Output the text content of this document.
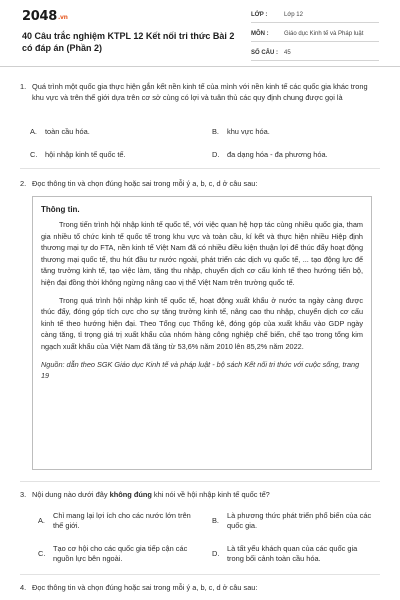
2048.vn
40 Câu trắc nghiệm KTPL 12 Kết nối tri thức Bài 2 có đáp án (Phần 2)
LỚP :	Lớp 12
MÔN :	Giáo dục Kinh tế và Pháp luật
SỐ CÂU :	45
1. Quá trình một quốc gia thực hiện gắn kết nền kinh tế của mình với nền kinh tế các quốc gia khác trong khu vực và trên thế giới dựa trên cơ sở cùng có lợi và tuân thủ các quy định chung được gọi là
A. toàn cầu hóa.	B. khu vực hóa.
C. hội nhập kinh tế quốc tế.	D. đa dạng hóa - đa phương hóa.
2. Đọc thông tin và chọn đúng hoặc sai trong mỗi ý a, b, c, d ở câu sau:
Thông tin.

Trong tiến trình hội nhập kinh tế quốc tế, với việc quan hệ hợp tác cùng nhiều quốc gia, tham gia nhiều tổ chức kinh tế quốc tế trong khu vực và toàn cầu, kí kết và thực hiện nhiều Hiệp định thương mại tự do FTA, nền kinh tế Việt Nam đã có nhiều điều kiện thuận lợi để thúc đẩy hoạt động thương mại quốc tế, thu hút đầu tư nước ngoài, phát triển các dịch vụ quốc tế, ... tạo động lực để tăng trưởng kinh tế, tạo việc làm, tăng thu nhập, chuyển dịch cơ cấu kinh tế theo hướng tiến bộ, hiện đại đồng thời không ngừng nâng cao vị thế Việt Nam trên trường quốc tế.

Trong quá trình hội nhập kinh tế quốc tế, hoạt động xuất khẩu ở nước ta ngày càng được thúc đẩy, đóng góp tích cực cho sự tăng trưởng kinh tế, nâng cao thu nhập, chuyển dịch cơ cấu kinh tế theo hướng hiện đại. Theo Tổng cục Thống kê, đóng góp của xuất khẩu vào GDP ngày càng tăng, tỉ trọng giá trị xuất khẩu của nhóm hàng công nghiệp chế biến, chế tạo trong tổng kim ngạch xuất khẩu của Việt Nam đã tăng từ 53,6% năm 2010 lên 85,2% năm 2022.

Nguồn: dẫn theo SGK Giáo dục Kinh tế và pháp luật - bộ sách Kết nối tri thức với cuộc sống, trang 19

3. Nội dung nào dưới đây không đúng khi nói về hội nhập kinh tế quốc tế?
A.
Chỉ mang lại lợi ích cho các nước lớn trên thế giới.
B.
Là phương thức phát triển phổ biến của các quốc gia.
C.
Tạo cơ hội cho các quốc gia tiếp cận các nguồn lực bên ngoài.
D.
Là tất yếu khách quan của các quốc gia trong bối cảnh toàn cầu hóa.
4. Đọc thông tin và chọn đúng hoặc sai trong mỗi ý a, b, c, d ở câu sau:
